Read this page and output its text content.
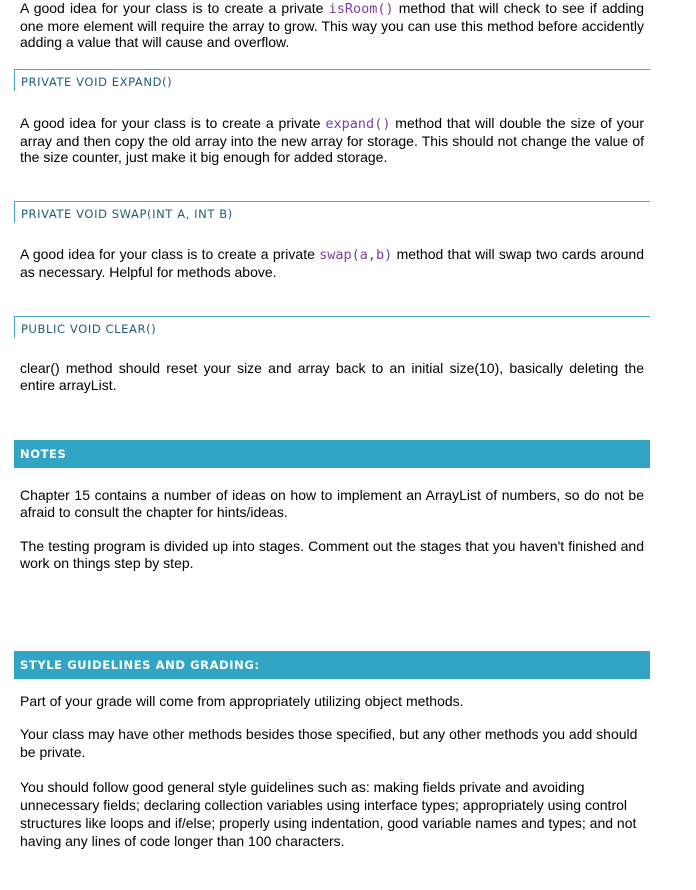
A good idea for your class is to create a private isRoom() method that will check to see if adding one more element will require the array to grow. This way you can use this method before accidently adding a value that will cause and overflow.
PRIVATE VOID EXPAND()
A good idea for your class is to create a private expand() method that will double the size of your array and then copy the old array into the new array for storage. This should not change the value of the size counter, just make it big enough for added storage.
PRIVATE VOID SWAP(INT A, INT B)
A good idea for your class is to create a private swap(a,b) method that will swap two cards around as necessary. Helpful for methods above.
PUBLIC VOID CLEAR()
clear() method should reset your size and array back to an initial size(10), basically deleting the entire arrayList.
NOTES
Chapter 15 contains a number of ideas on how to implement an ArrayList of numbers, so do not be afraid to consult the chapter for hints/ideas.
The testing program is divided up into stages. Comment out the stages that you haven't finished and work on things step by step.
STYLE GUIDELINES AND GRADING:
Part of your grade will come from appropriately utilizing object methods.
Your class may have other methods besides those specified, but any other methods you add should be private.
You should follow good general style guidelines such as: making fields private and avoiding unnecessary fields; declaring collection variables using interface types; appropriately using control structures like loops and if/else; properly using indentation, good variable names and types; and not having any lines of code longer than 100 characters.
